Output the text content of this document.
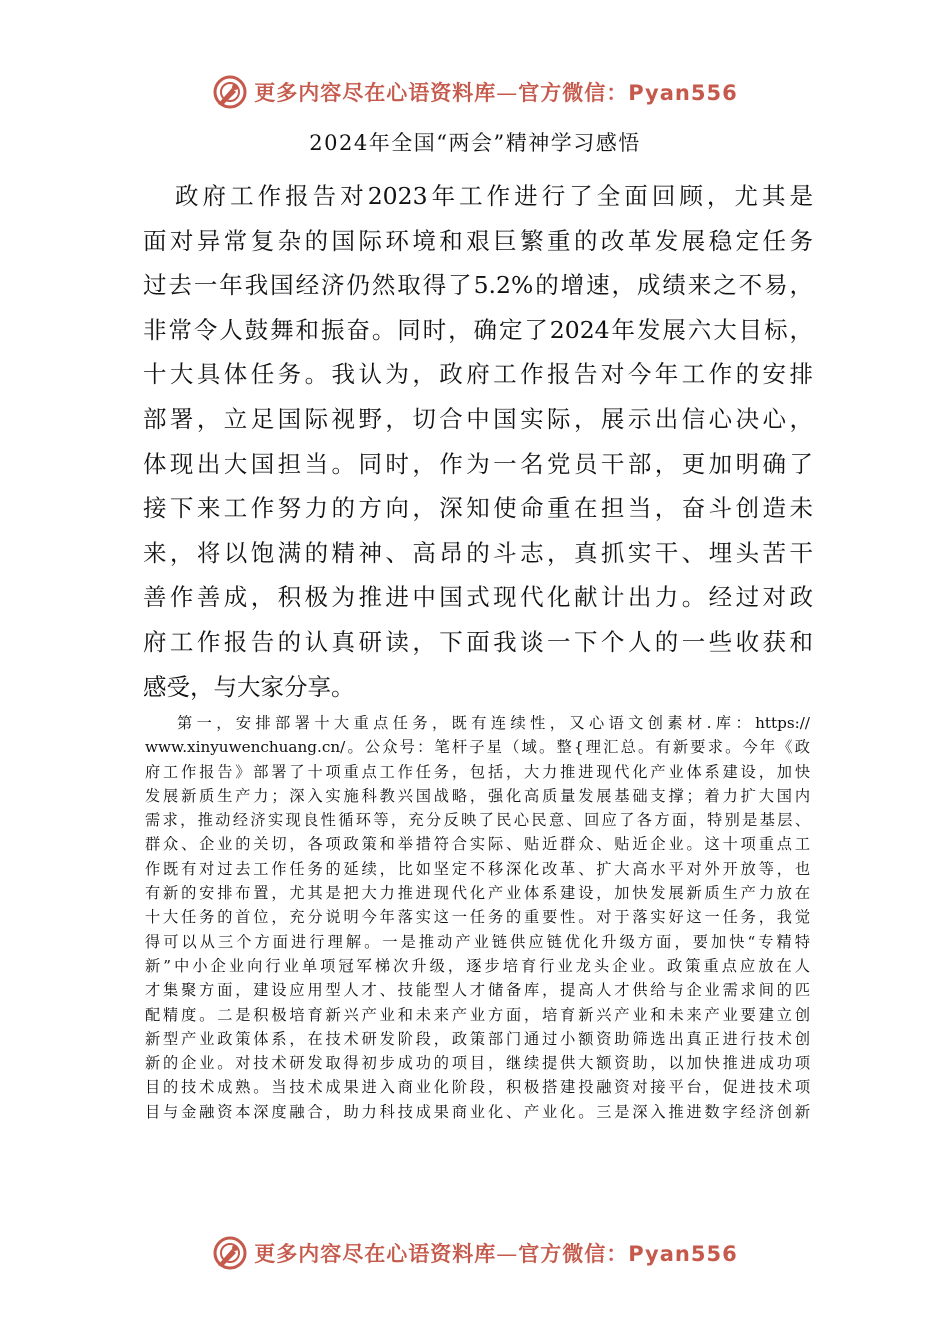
更多内容尽在心语资料库—官方微信：Pyan556
2024年全国“两会”精神学习感悟
政府工作报告对2023年工作进行了全面回顾，尤其是
面对异常复杂的国际环境和艰巨繁重的改革发展稳定任务
过去一年我国经济仍然取得了5.2%的增速，成绩来之不易，
非常令人鼓舞和振奋。同时，确定了2024年发展六大目标，
十大具体任务。我认为，政府工作报告对今年工作的安排
部署，立足国际视野，切合中国实际，展示出信心决心，
体现出大国担当。同时，作为一名党员干部，更加明确了
接下来工作努力的方向，深知使命重在担当，奋斗创造未
来，将以饱满的精神、高昂的斗志，真抓实干、埋头苦干
善作善成，积极为推进中国式现代化献计出力。经过对政
府工作报告的认真研读，下面我谈一下个人的一些收获和
感受，与大家分享。
第一，安排部署十大重点任务，既有连续性，又心语文创素材.库：https://
www.xinyuwenchuang.cn/。公众号：笔杆子星（域。整{理汇总。有新要求。今年《政
府工作报告》部署了十项重点工作任务，包括，大力推进现代化产业体系建设，加快
发展新质生产力；深入实施科教兴国战略，强化高质量发展基础支撑；着力扩大国内
需求，推动经济实现良性循环等，充分反映了民心民意、回应了各方面，特别是基层、
群众、企业的关切，各项政策和举措符合实际、贴近群众、贴近企业。这十项重点工
作既有对过去工作任务的延续，比如坚定不移深化改革、扩大高水平对外开放等，也
有新的安排布置，尤其是把大力推进现代化产业体系建设，加快发展新质生产力放在
十大任务的首位，充分说明今年落实这一任务的重要性。对于落实好这一任务，我觉
得可以从三个方面进行理解。一是推动产业链供应链优化升级方面，要加快“专精特
新”中小企业向行业单项冠军梯次升级，逐步培育行业龙头企业。政策重点应放在人
才集聚方面，建设应用型人才、技能型人才储备库，提高人才供给与企业需求间的匹
配精度。二是积极培育新兴产业和未来产业方面，培育新兴产业和未来产业要建立创
新型产业政策体系，在技术研发阶段，政策部门通过小额资助筛选出真正进行技术创
新的企业。对技术研发取得初步成功的项目，继续提供大额资助，以加快推进成功项
目的技术成熟。当技术成果进入商业化阶段，积极搭建投融资对接平台，促进技术项
目与金融资本深度融合，助力科技成果商业化、产业化。三是深入推进数字经济创新
更多内容尽在心语资料库—官方微信：Pyan556
